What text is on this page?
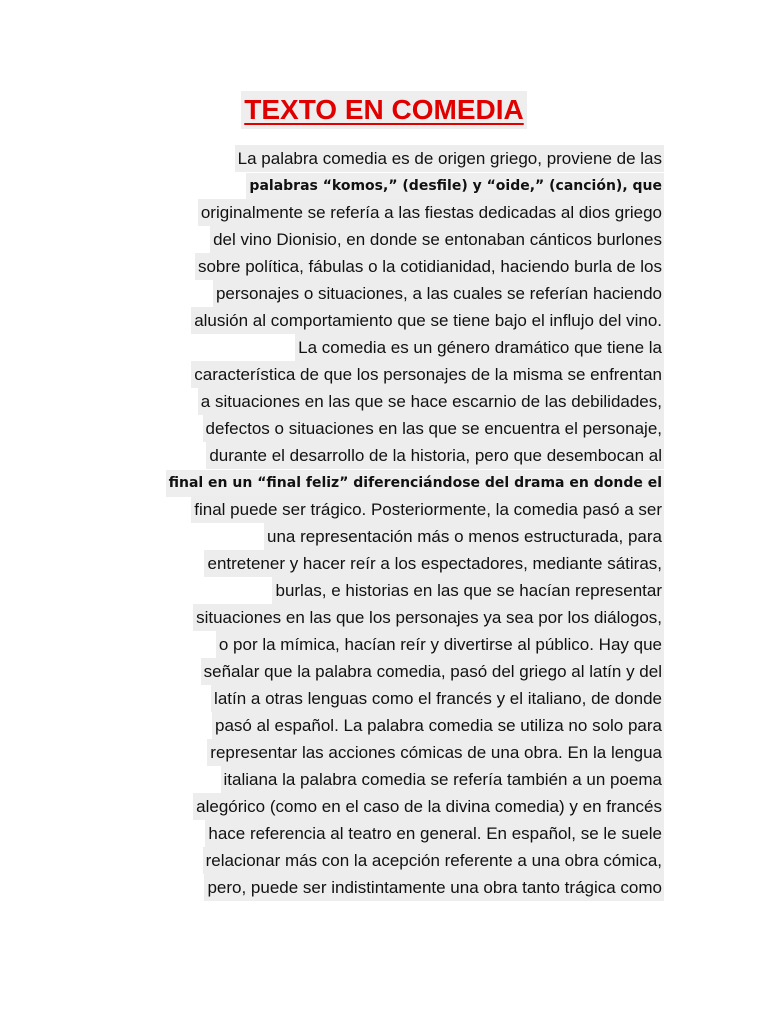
TEXTO EN COMEDIA
La palabra comedia es de origen griego, proviene de las
palabras “komos,” (desfile) y “oide,” (canción), que
originalmente se refería a las fiestas dedicadas al dios griego
del vino Dionisio, en donde se entonaban cánticos burlones
sobre política, fábulas o la cotidianidad, haciendo burla de los
personajes o situaciones, a las cuales se referían haciendo
alusión al comportamiento que se tiene bajo el influjo del vino.
La comedia es un género dramático que tiene la
característica de que los personajes de la misma se enfrentan
a situaciones en las que se hace escarnio de las debilidades,
defectos o situaciones en las que se encuentra el personaje,
durante el desarrollo de la historia, pero que desembocan al
final en un “final feliz” diferenciándose del drama en donde el
final puede ser trágico. Posteriormente, la comedia pasó a ser
una representación más o menos estructurada, para
entretener y hacer reír a los espectadores, mediante sátiras,
burlas, e historias en las que se hacían representar
situaciones en las que los personajes ya sea por los diálogos,
o por la mímica, hacían reír y divertirse al público. Hay que
señalar que la palabra comedia, pasó del griego al latín y del
latín a otras lenguas como el francés y el italiano, de donde
pasó al español. La palabra comedia se utiliza no solo para
representar las acciones cómicas de una obra. En la lengua
italiana la palabra comedia se refería también a un poema
alegórico (como en el caso de la divina comedia) y en francés
hace referencia al teatro en general. En español, se le suele
relacionar más con la acepción referente a una obra cómica,
pero, puede ser indistintamente una obra tanto trágica como
